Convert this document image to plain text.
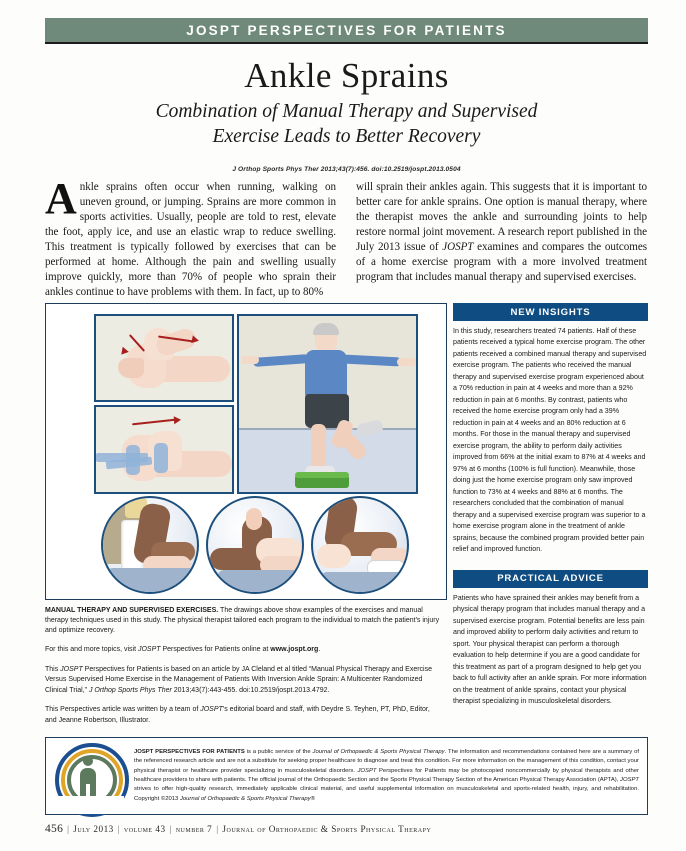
JOSPT PERSPECTIVES FOR PATIENTS
Ankle Sprains
Combination of Manual Therapy and Supervised
Exercise Leads to Better Recovery
J Orthop Sports Phys Ther 2013;43(7):456. doi:10.2519/jospt.2013.0504
Ankle sprains often occur when running, walking on uneven ground, or jumping. Sprains are more common in sports activities. Usually, people are told to rest, elevate the foot, apply ice, and use an elastic wrap to reduce swelling. This treatment is typically followed by exercises that can be performed at home. Although the pain and swelling usually improve quickly, more than 70% of people who sprain their ankles continue to have problems with them. In fact, up to 80%
will sprain their ankles again. This suggests that it is important to better care for ankle sprains. One option is manual therapy, where the therapist moves the ankle and surrounding joints to help restore normal joint movement. A research report published in the July 2013 issue of JOSPT examines and compares the outcomes of a home exercise program with a more involved treatment program that includes manual therapy and supervised exercises.
MANUAL THERAPY AND SUPERVISED EXERCISES. The drawings above show examples of the exercises and manual therapy techniques used in this study. The physical therapist tailored each program to the individual to match the patient's injury and optimize recovery.
For this and more topics, visit JOSPT Perspectives for Patients online at www.jospt.org.
This JOSPT Perspectives for Patients is based on an article by JA Cleland et al titled “Manual Physical Therapy and Exercise Versus Supervised Home Exercise in the Management of Patients With Inversion Ankle Sprain: A Multicenter Randomized Clinical Trial,” J Orthop Sports Phys Ther 2013;43(7):443-455. doi:10.2519/jospt.2013.4792.
This Perspectives article was written by a team of JOSPT’s editorial board and staff, with Deydre S. Teyhen, PT, PhD, Editor, and Jeanne Robertson, Illustrator.
NEW INSIGHTS
In this study, researchers treated 74 patients. Half of these patients received a typical home exercise program. The other patients received a combined manual therapy and supervised exercise program. The patients who received the manual therapy and supervised exercise program experienced about a 70% reduction in pain at 4 weeks and more than a 92% reduction in pain at 6 months. By contrast, patients who received the home exercise program only had a 39% reduction in pain at 4 weeks and an 80% reduction at 6 months. For those in the manual therapy and supervised exercise program, the ability to perform daily activities improved from 66% at the initial exam to 87% at 4 weeks and 97% at 6 months (100% is full function). Meanwhile, those doing just the home exercise program only saw improved function to 73% at 4 weeks and 88% at 6 months. The researchers concluded that the combination of manual therapy and a supervised exercise program was superior to a home exercise program alone in the treatment of ankle sprains, because the combined program provided better pain relief and improved function.
PRACTICAL ADVICE
Patients who have sprained their ankles may benefit from a physical therapy program that includes manual therapy and a supervised exercise program. Potential benefits are less pain and improved ability to perform daily activities and return to sport. Your physical therapist can perform a thorough evaluation to help determine if you are a good candidate for this treatment as part of a program designed to help get you back to full activity after an ankle sprain. For more information on the treatment of ankle sprains, contact your physical therapist specializing in musculoskeletal disorders.
JOSPT PERSPECTIVES FOR PATIENTS is a public service of the Journal of Orthopaedic & Sports Physical Therapy. The information and recommendations contained here are a summary of the referenced research article and are not a substitute for seeking proper healthcare to diagnose and treat this condition. For more information on the management of this condition, contact your physical therapist or healthcare provider specializing in musculoskeletal disorders. JOSPT Perspectives for Patients may be photocopied noncommercially by physical therapists and other healthcare providers to share with patients. The official journal of the Orthopaedic Section and the Sports Physical Therapy Section of the American Physical Therapy Association (APTA), JOSPT strives to offer high-quality research, immediately applicable clinical material, and useful supplemental information on musculoskeletal and sports-related health, injury, and rehabilitation. Copyright ©2013 Journal of Orthopaedic & Sports Physical Therapy®
456 | July 2013 | volume 43 | number 7 | Journal of Orthopaedic & Sports Physical Therapy
